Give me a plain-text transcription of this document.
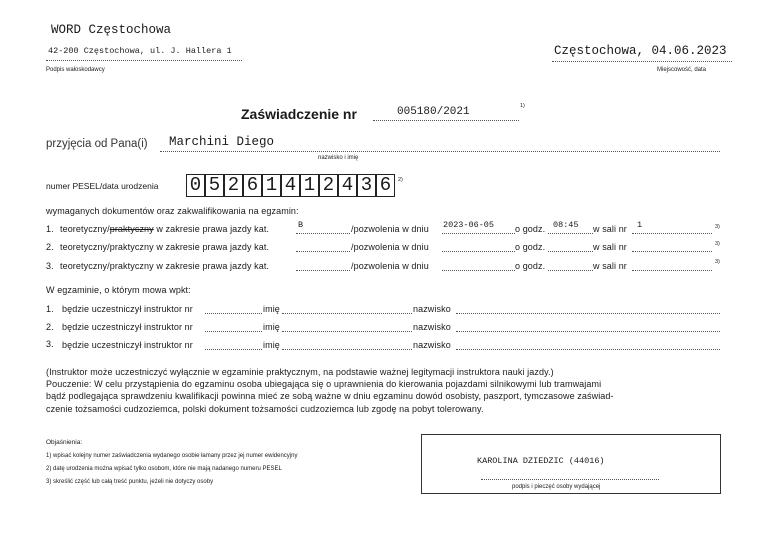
WORD Częstochowa
42-200 Częstochowa, ul. J. Hallera 1
Podpis wałoskodawcy
Częstochowa, 04.06.2023
Miejscowość, data
Zaświadczenie nr	005180/2021	1)
przyjęcia od Pana(i) Marchini Diego
nazwisko i imię
numer PESEL/data urodzenia 0 5 2 6 1 4 1 2 4 3 6	2)
wymaganych dokumentów oraz zakwalifikowania na egzamin:
1. teoretyczny/praktyczny w zakresie prawa jazdy kat.	B	/pozwolenia w dniu 2023-06-05 o godz. 08:45 w sali nr 1	3)
2. teoretyczny/praktyczny w zakresie prawa jazdy kat.	/pozwolenia w dniu	o godz.	w sali nr	3)
3. teoretyczny/praktyczny w zakresie prawa jazdy kat.	/pozwolenia w dniu	o godz.	w sali nr	3)
W egzaminie, o którym mowa wpkt:
1. będzie uczestniczył instruktor nr	imię	nazwisko
2. będzie uczestniczył instruktor nr	imię	nazwisko
3. będzie uczestniczył instruktor nr	imię	nazwisko
(Instruktor może uczestniczyć wyłącznie w egzaminie praktycznym, na podstawie ważnej legitymacji instruktora nauki jazdy.)
Pouczenie: W celu przystąpienia do egzaminu osoba ubiegająca się o uprawnienia do kierowania pojazdami silnikowymi lub tramwajami
bądź podlegająca sprawdzeniu kwalifikacji powinna mieć ze sobą ważne w dniu egzaminu dowód osobisty, paszport, tymczasowe zaświad-
czenie tożsamości cudzoziemca, polski dokument tożsamości cudzoziemca lub zgodę na pobyt tolerowany.
Objaśnienia:
1) wpisać kolejny numer zaświadczenia wydanego osobie łamany przez jej numer ewidencyjny
2) datę urodzenia można wpisać tylko osobom, które nie mają nadanego numeru PESEL
3) skreślić część lub całą treść punktu, jeżeli nie dotyczy osoby
KAROLINA DZIEDZIC (44016)
podpis i pieczęć osoby wydającej
